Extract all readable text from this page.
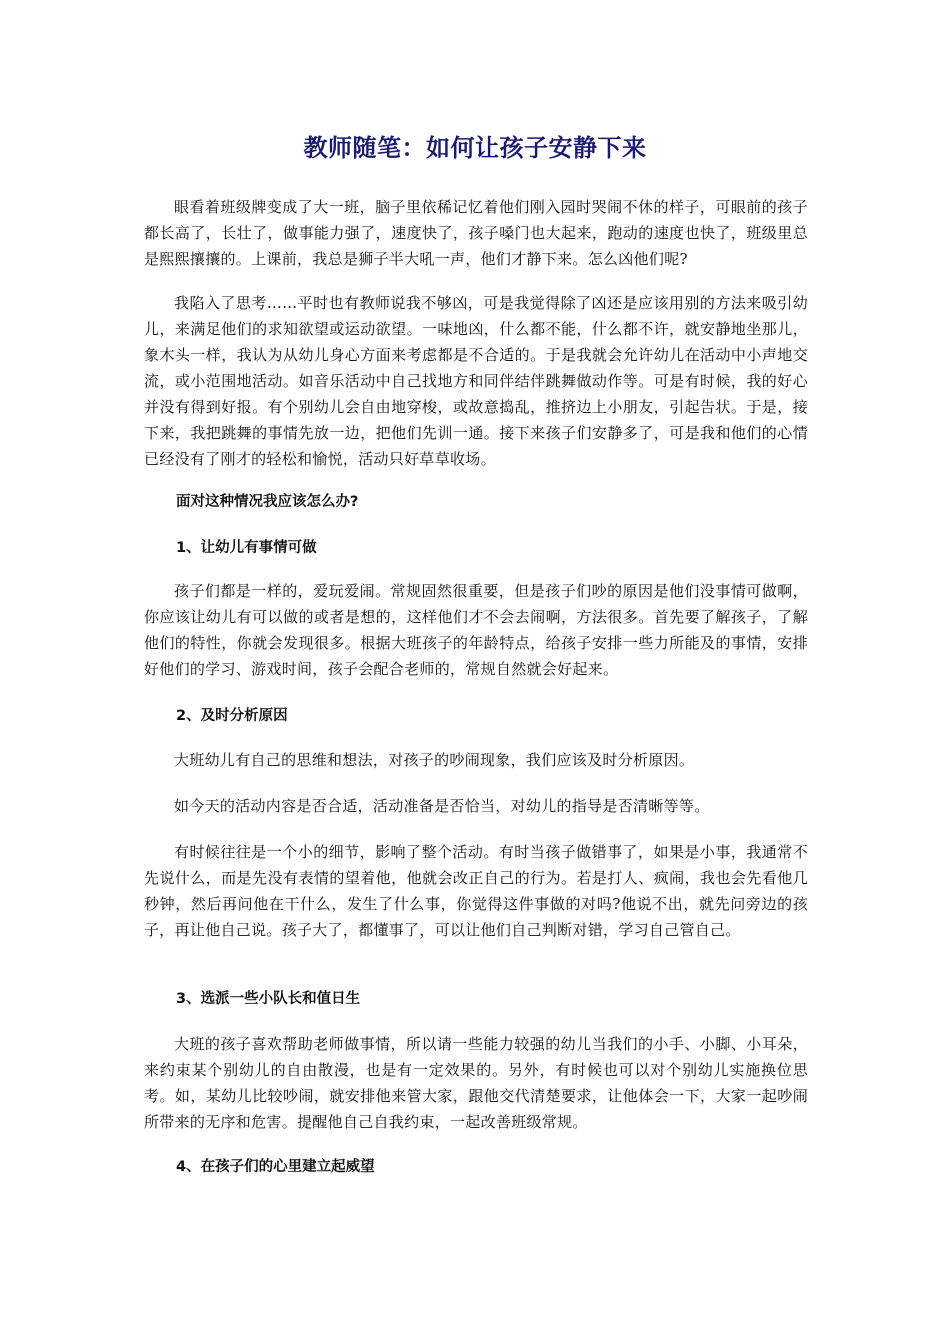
教师随笔：如何让孩子安静下来

眼看着班级牌变成了大一班，脑子里依稀记忆着他们刚入园时哭闹不休的样子，可眼前的孩子都长高了，长壮了，做事能力强了，速度快了，孩子嗓门也大起来，跑动的速度也快了，班级里总是熙熙攘攘的。上课前，我总是狮子半大吼一声，他们才静下来。怎么凶他们呢?

我陷入了思考……平时也有教师说我不够凶，可是我觉得除了凶还是应该用别的方法来吸引幼儿，来满足他们的求知欲望或运动欲望。一味地凶，什么都不能，什么都不许，就安静地坐那儿，象木头一样，我认为从幼儿身心方面来考虑都是不合适的。于是我就会允许幼儿在活动中小声地交流，或小范围地活动。如音乐活动中自己找地方和同伴结伴跳舞做动作等。可是有时候，我的好心并没有得到好报。有个别幼儿会自由地穿梭，或故意捣乱，推挤边上小朋友，引起告状。于是，接下来，我把跳舞的事情先放一边，把他们先训一通。接下来孩子们安静多了，可是我和他们的心情已经没有了刚才的轻松和愉悦，活动只好草草收场。

面对这种情况我应该怎么办?

1、让幼儿有事情可做

孩子们都是一样的，爱玩爱闹。常规固然很重要，但是孩子们吵的原因是他们没事情可做啊，你应该让幼儿有可以做的或者是想的，这样他们才不会去闹啊，方法很多。首先要了解孩子，了解他们的特性，你就会发现很多。根据大班孩子的年龄特点，给孩子安排一些力所能及的事情，安排好他们的学习、游戏时间，孩子会配合老师的，常规自然就会好起来。

2、及时分析原因

大班幼儿有自己的思维和想法，对孩子的吵闹现象，我们应该及时分析原因。

如今天的活动内容是否合适，活动准备是否恰当，对幼儿的指导是否清晰等等。

有时候往往是一个小的细节，影响了整个活动。有时当孩子做错事了，如果是小事，我通常不先说什么，而是先没有表情的望着他，他就会改正自己的行为。若是打人、疯闹，我也会先看他几秒钟，然后再问他在干什么，发生了什么事，你觉得这件事做的对吗?他说不出，就先问旁边的孩子，再让他自己说。孩子大了，都懂事了，可以让他们自己判断对错，学习自己管自己。

3、选派一些小队长和值日生

大班的孩子喜欢帮助老师做事情，所以请一些能力较强的幼儿当我们的小手、小脚、小耳朵，来约束某个别幼儿的自由散漫，也是有一定效果的。另外，有时候也可以对个别幼儿实施换位思考。如，某幼儿比较吵闹，就安排他来管大家，跟他交代清楚要求，让他体会一下，大家一起吵闹所带来的无序和危害。提醒他自己自我约束，一起改善班级常规。

4、在孩子们的心里建立起威望
